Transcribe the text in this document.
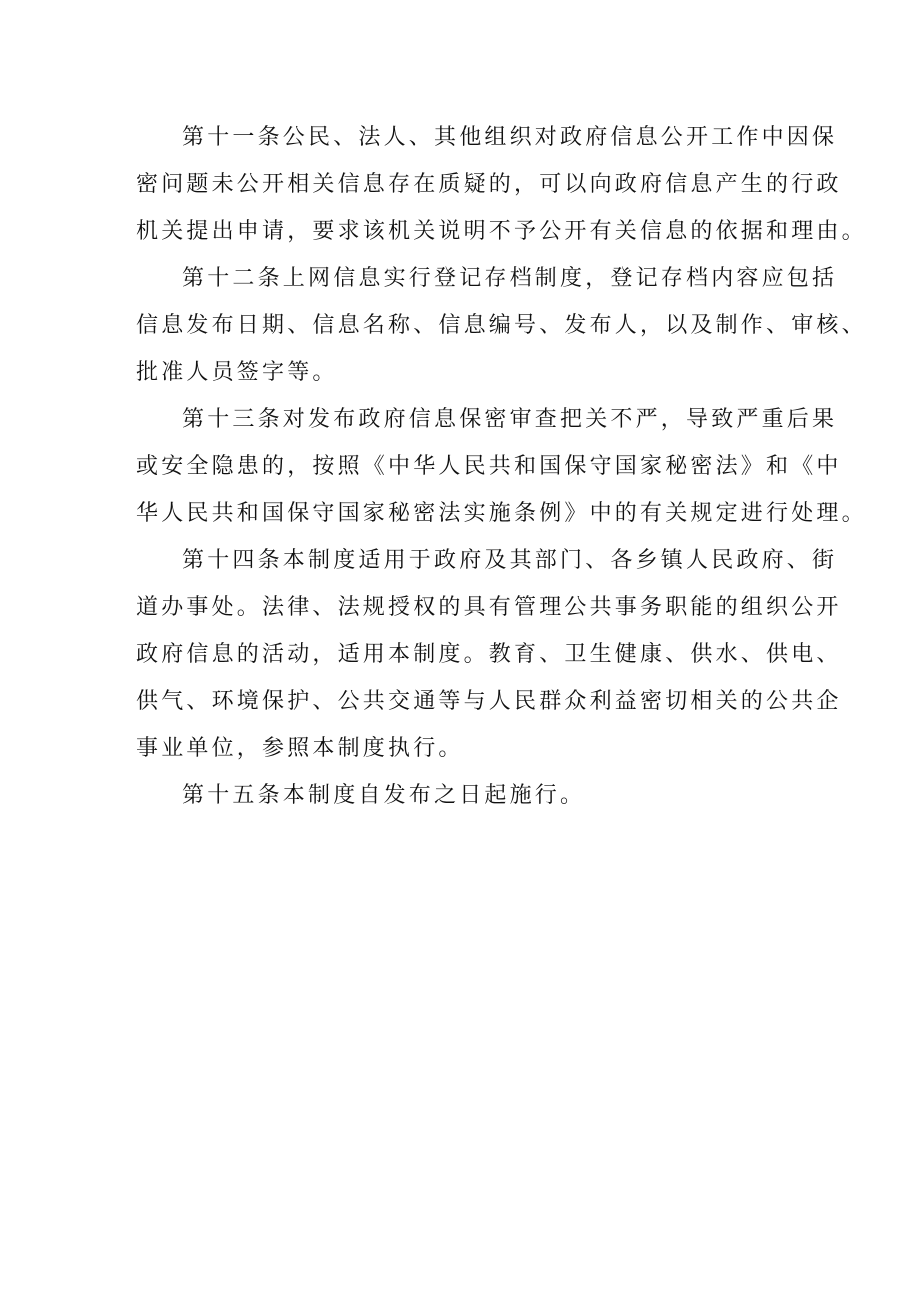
第十一条公民、法人、其他组织对政府信息公开工作中因保
密问题未公开相关信息存在质疑的，可以向政府信息产生的行政
机关提出申请，要求该机关说明不予公开有关信息的依据和理由。
第十二条上网信息实行登记存档制度，登记存档内容应包括
信息发布日期、信息名称、信息编号、发布人，以及制作、审核、
批准人员签字等。
第十三条对发布政府信息保密审查把关不严，导致严重后果
或安全隐患的，按照《中华人民共和国保守国家秘密法》和《中
华人民共和国保守国家秘密法实施条例》中的有关规定进行处理。
第十四条本制度适用于政府及其部门、各乡镇人民政府、街
道办事处。法律、法规授权的具有管理公共事务职能的组织公开
政府信息的活动，适用本制度。教育、卫生健康、供水、供电、
供气、环境保护、公共交通等与人民群众利益密切相关的公共企
事业单位，参照本制度执行。
第十五条本制度自发布之日起施行。
